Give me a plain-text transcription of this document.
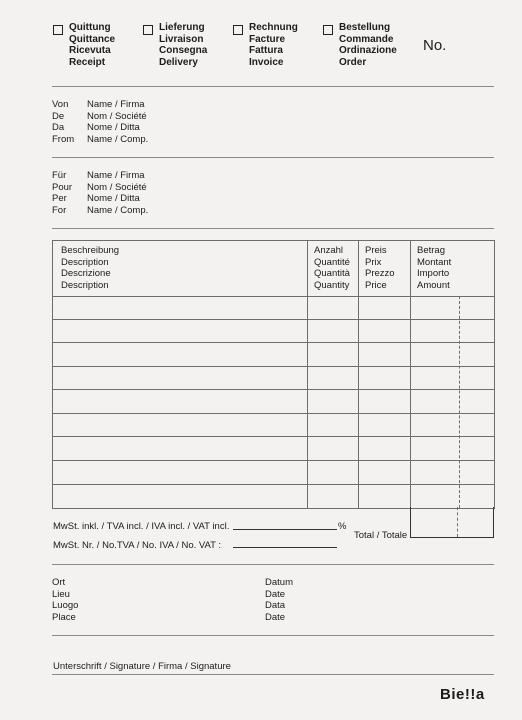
Quittung
Quittance
Ricevuta
Receipt
Lieferung
Livraison
Consegna
Delivery
Rechnung
Facture
Fattura
Invoice
Bestellung
Commande
Ordinazione
Order
No.
Von Name / Firma
De Nom / Société
Da Nome / Ditta
From Name / Comp.
Für Name / Firma
Pour Nom / Société
Per Nome / Ditta
For Name / Comp.
Beschreibung
Description
Descrizione
Description
Anzahl
Quantité
Quantità
Quantity
Preis
Prix
Prezzo
Price
Betrag
Montant
Importo
Amount
MwSt. inkl. / TVA incl. / IVA incl. / VAT incl.	%
MwSt. Nr. / No.TVA / No. IVA / No. VAT :
Total / Totale
Ort
Lieu
Luogo
Place
Datum
Date
Data
Date
Unterschrift / Signature / Firma / Signature
Bie!!a
